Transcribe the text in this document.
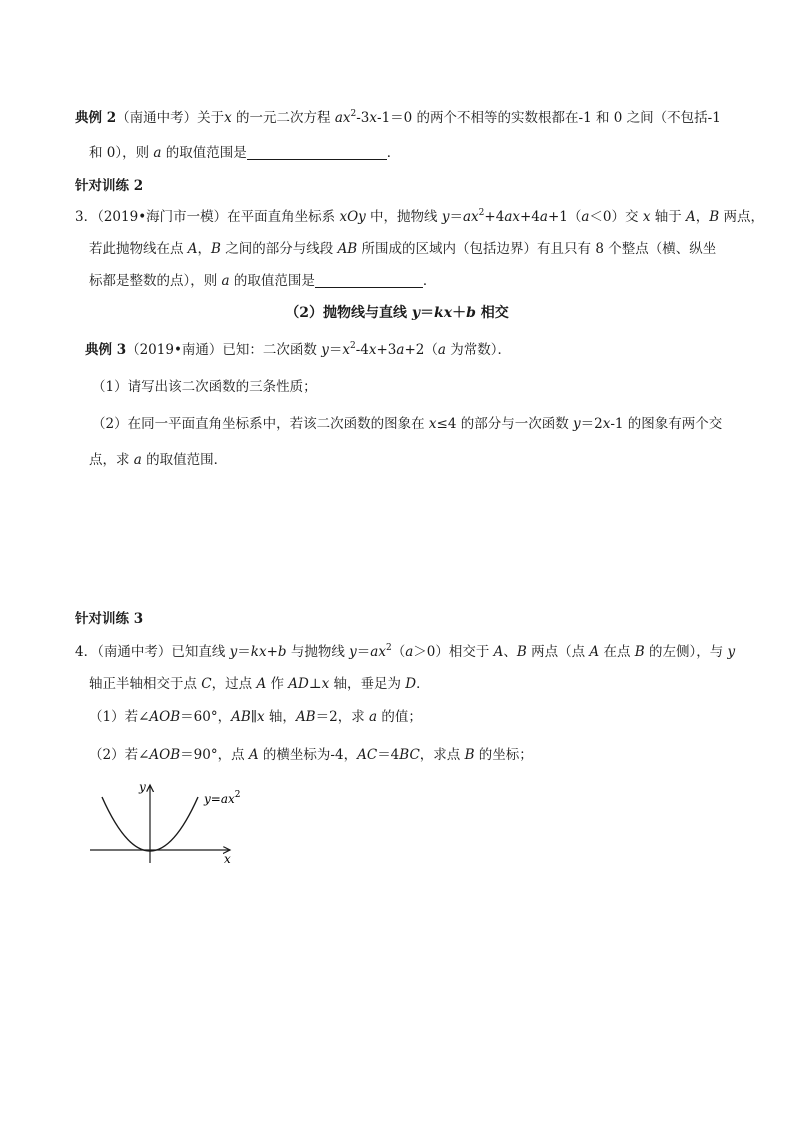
典例 2（南通中考）关于x 的一元二次方程 $ax^2-3x-1=0$ 的两个不相等的实数根都在-1 和 0 之间（不包括-1
和 0），则 a 的取值范围是	．
针对训练 2
3．（2019•海门市一模）在平面直角坐标系 xOy 中，抛物线 $y=ax^2+4ax+4a+1(a<0)$交 x 轴于 A，B 两点，
若此抛物线在点 A，B 之间的部分与线段 AB 所围成的区域内（包括边界）有且只有 8 个整点（横、纵坐
标都是整数的点），则 a 的取值范围是	．
（2）抛物线与直线 y＝kx＋b 相交
典例 3（2019•南通）已知：二次函数 $y=x^2-4x+3a+2(a$ 为常数）．
（1）请写出该二次函数的三条性质；
（2）在同一平面直角坐标系中，若该二次函数的图象在 x≤4 的部分与一次函数 y＝2x-1 的图象有两个交
点，求 a 的取值范围．
针对训练 3
4．（南通中考）已知直线 y＝kx+b 与抛物线 $y=ax^2(a>0)$相交于 A、B 两点（点 A 在点 B 的左侧），与 y
轴正半轴相交于点 C，过点 A 作 AD⊥x 轴，垂足为 D．
（1）若∠AOB＝60°，AB∥x 轴，AB＝2，求 a 的值；
（2）若∠AOB＝90°，点 A 的横坐标为-4，AC＝4BC，求点 B 的坐标；
y
x
$y=ax^2$
